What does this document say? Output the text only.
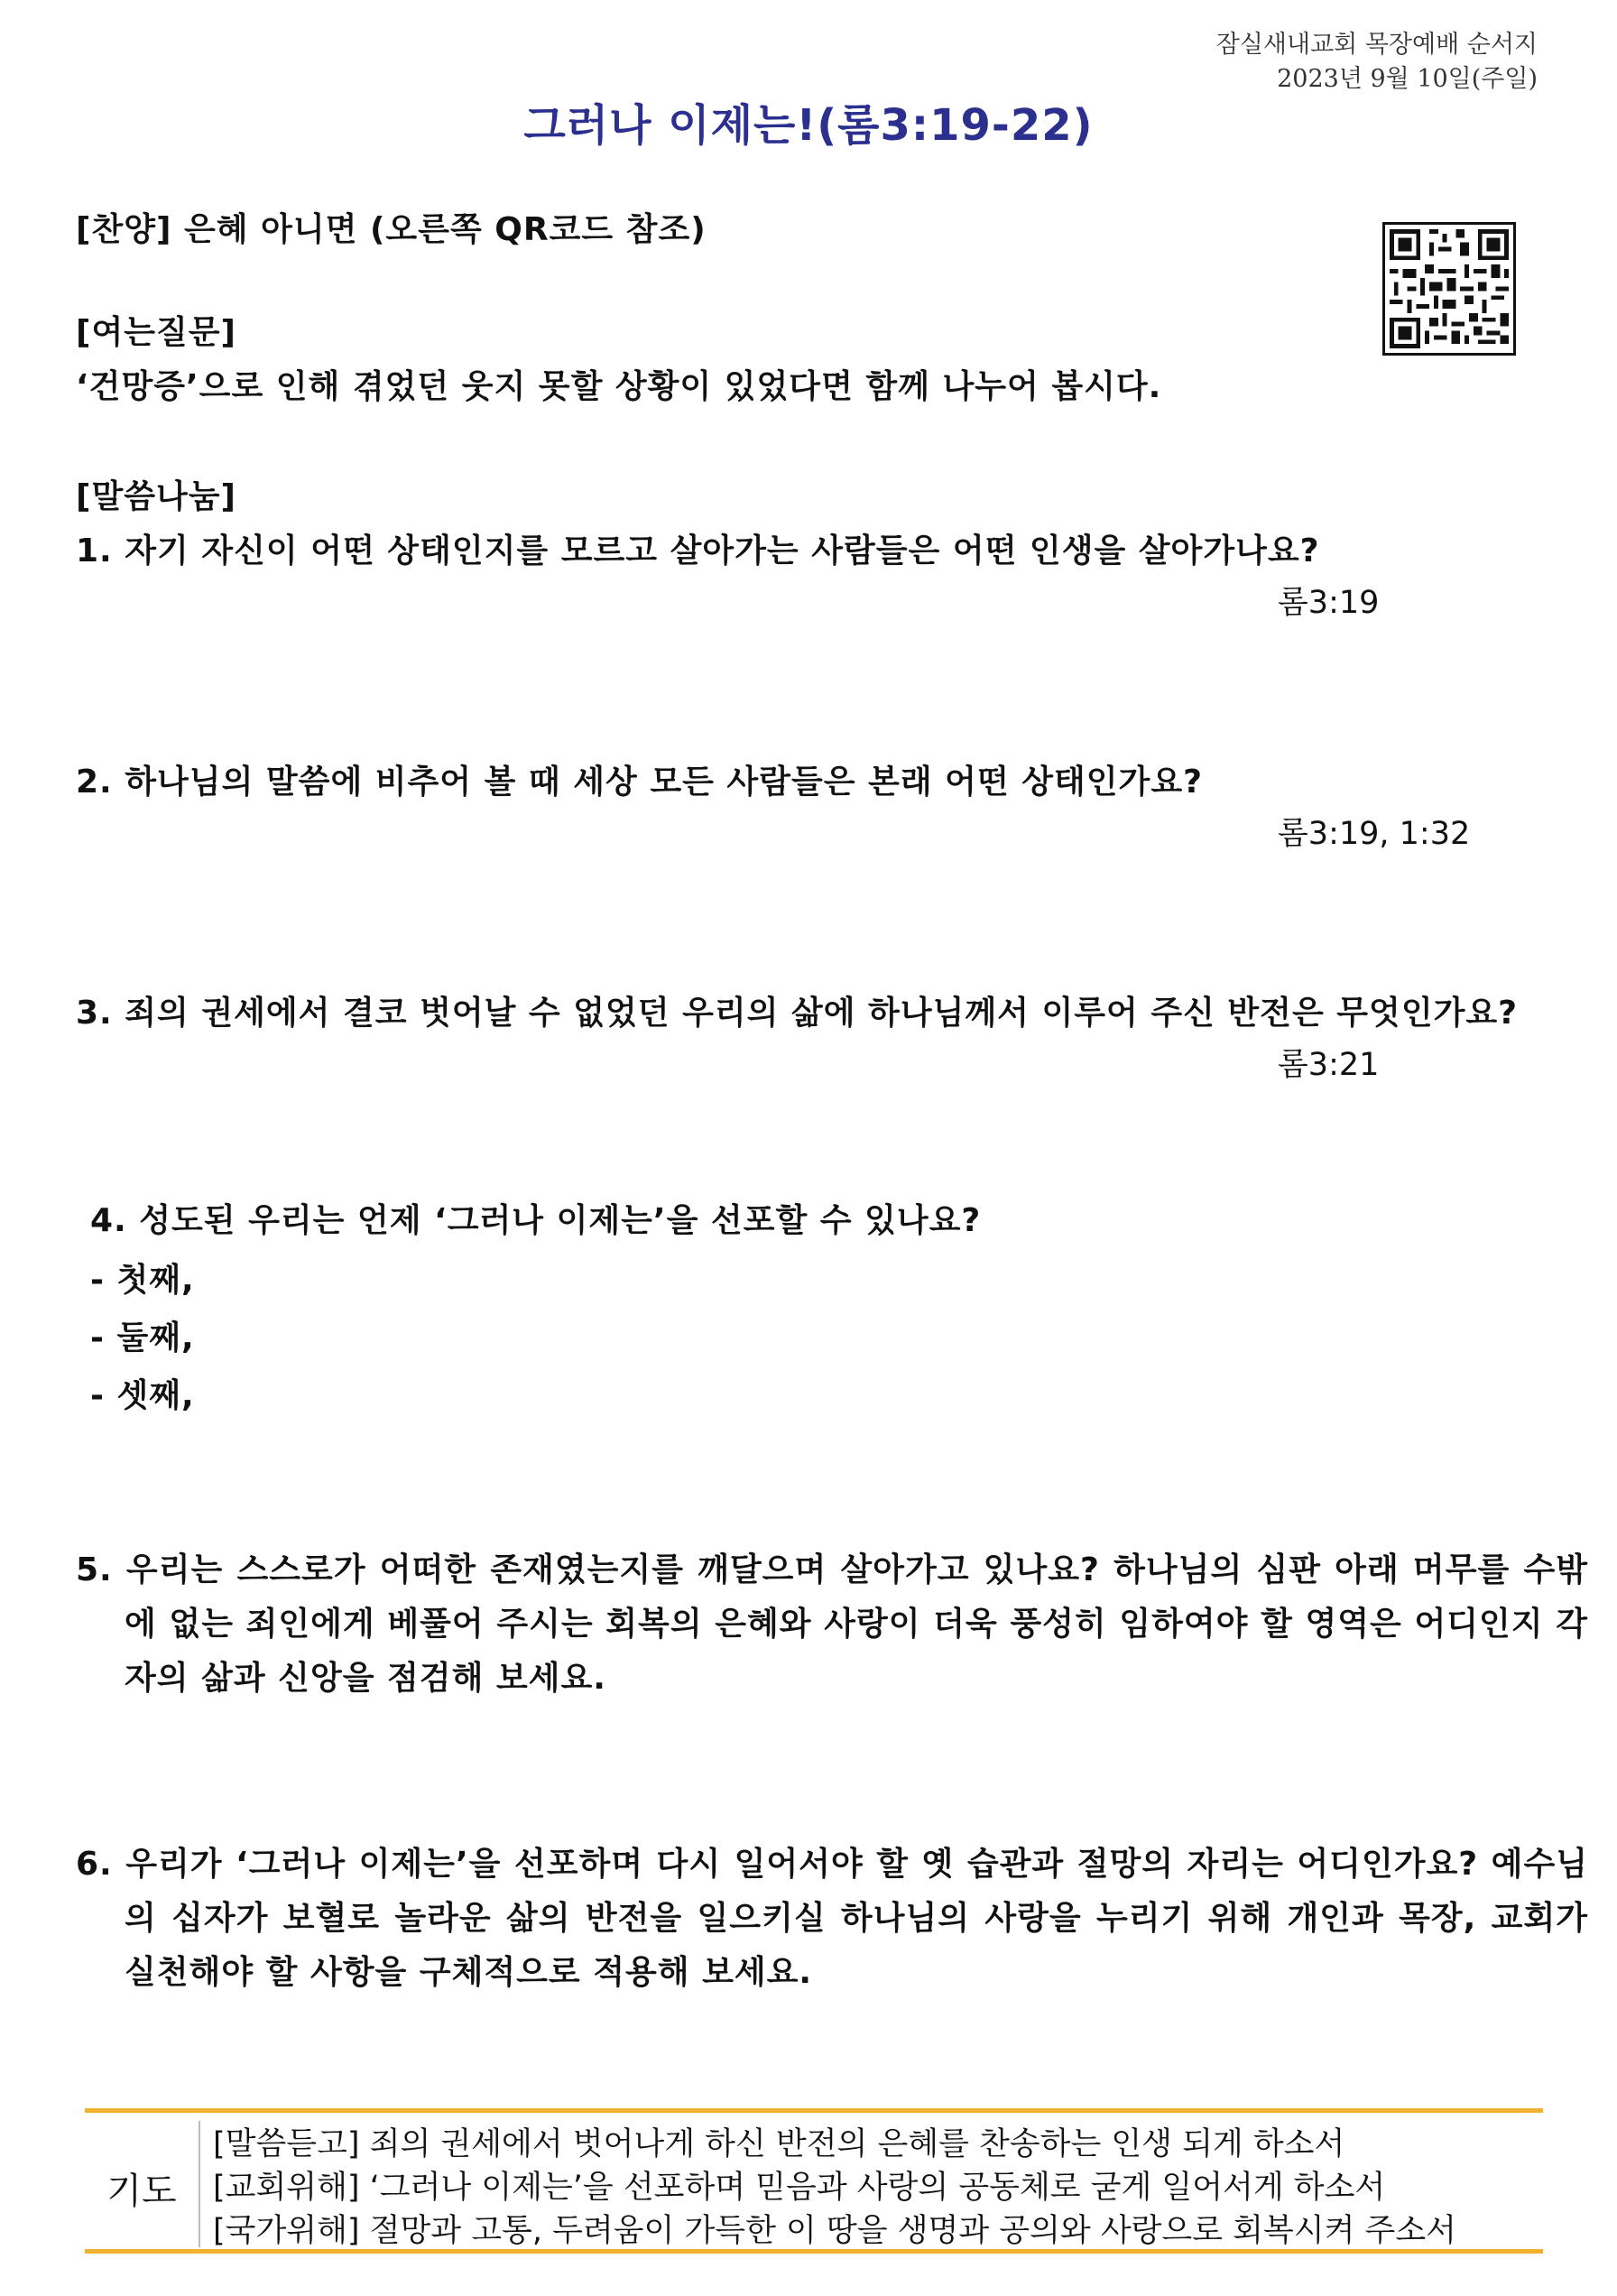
잠실새내교회 목장예배 순서지
2023년 9월 10일(주일)
그러나 이제는!(롬3:19-22)
[찬양] 은혜 아니면 (오른쪽 QR코드 참조)
[여는질문]
‘건망증’으로 인해 겪었던 웃지 못할 상황이 있었다면 함께 나누어 봅시다.
[말씀나눔]
1. 자기 자신이 어떤 상태인지를 모르고 살아가는 사람들은 어떤 인생을 살아가나요?
롬3:19
2. 하나님의 말씀에 비추어 볼 때 세상 모든 사람들은 본래 어떤 상태인가요?
롬3:19, 1:32
3. 죄의 권세에서 결코 벗어날 수 없었던 우리의 삶에 하나님께서 이루어 주신 반전은 무엇인가요?
롬3:21
4. 성도된 우리는 언제 ‘그러나 이제는’을 선포할 수 있나요?
- 첫째,
- 둘째,
- 셋째,
5. 우리는 스스로가 어떠한 존재였는지를 깨달으며 살아가고 있나요? 하나님의 심판 아래 머무를 수밖에 없는 죄인에게 베풀어 주시는 회복의 은혜와 사랑이 더욱 풍성히 임하여야 할 영역은 어디인지 각자의 삶과 신앙을 점검해 보세요.
6. 우리가 ‘그러나 이제는’을 선포하며 다시 일어서야 할 옛 습관과 절망의 자리는 어디인가요? 예수님의 십자가 보혈로 놀라운 삶의 반전을 일으키실 하나님의 사랑을 누리기 위해 개인과 목장, 교회가 실천해야 할 사항을 구체적으로 적용해 보세요.
기도
[말씀듣고] 죄의 권세에서 벗어나게 하신 반전의 은혜를 찬송하는 인생 되게 하소서
[교회위해] ‘그러나 이제는’을 선포하며 믿음과 사랑의 공동체로 굳게 일어서게 하소서
[국가위해] 절망과 고통, 두려움이 가득한 이 땅을 생명과 공의와 사랑으로 회복시켜 주소서
